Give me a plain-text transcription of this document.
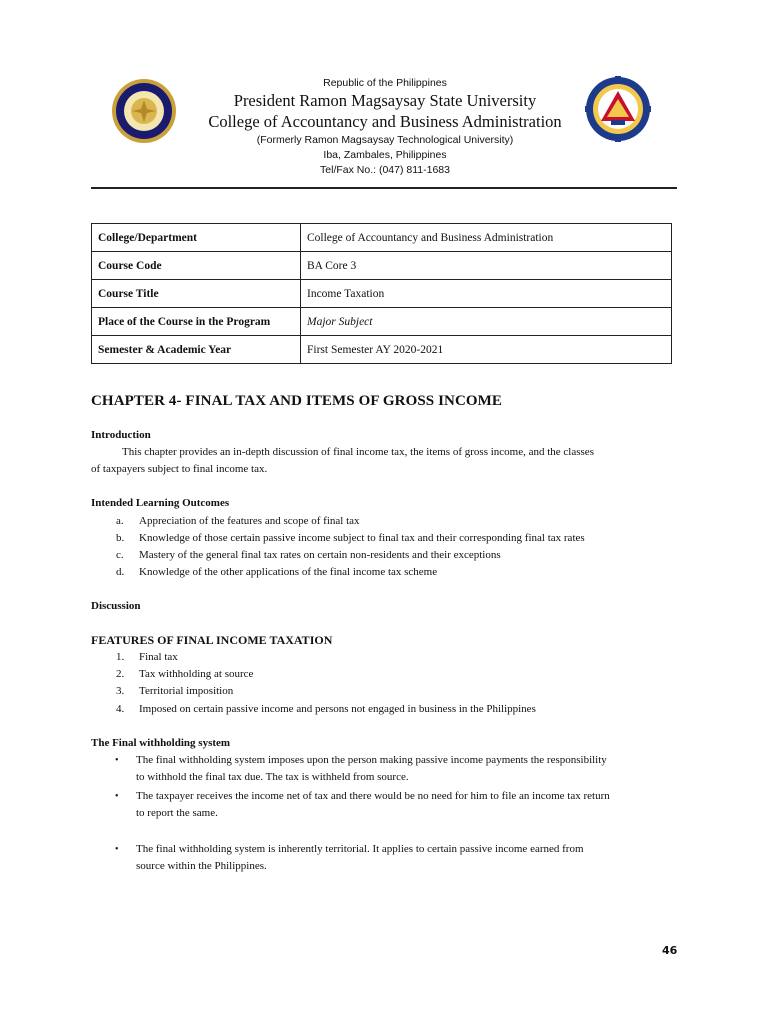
Republic of the Philippines
President Ramon Magsaysay State University
College of Accountancy and Business Administration
(Formerly Ramon Magsaysay Technological University)
Iba, Zambales, Philippines
Tel/Fax No.: (047) 811-1683
College/Department	College of Accountancy and Business Administration
Course Code	BA Core 3
Course Title	Income Taxation
Place of the Course in the Program	Major Subject
Semester & Academic Year	First Semester AY 2020-2021
CHAPTER 4- FINAL TAX AND ITEMS OF GROSS INCOME
Introduction
This chapter provides an in-depth discussion of final income tax, the items of gross income, and the classes
of taxpayers subject to final income tax.
Intended Learning Outcomes
a. Appreciation of the features and scope of final tax
b. Knowledge of those certain passive income subject to final tax and their corresponding final tax rates
c. Mastery of the general final tax rates on certain non-residents and their exceptions
d. Knowledge of the other applications of the final income tax scheme
Discussion
FEATURES OF FINAL INCOME TAXATION
1. Final tax
2. Tax withholding at source
3. Territorial imposition
4. Imposed on certain passive income and persons not engaged in business in the Philippines
The Final withholding system
• The final withholding system imposes upon the person making passive income payments the responsibility
to withhold the final tax due. The tax is withheld from source.
• The taxpayer receives the income net of tax and there would be no need for him to file an income tax return
to report the same.
• The final withholding system is inherently territorial. It applies to certain passive income earned from
source within the Philippines.
46
